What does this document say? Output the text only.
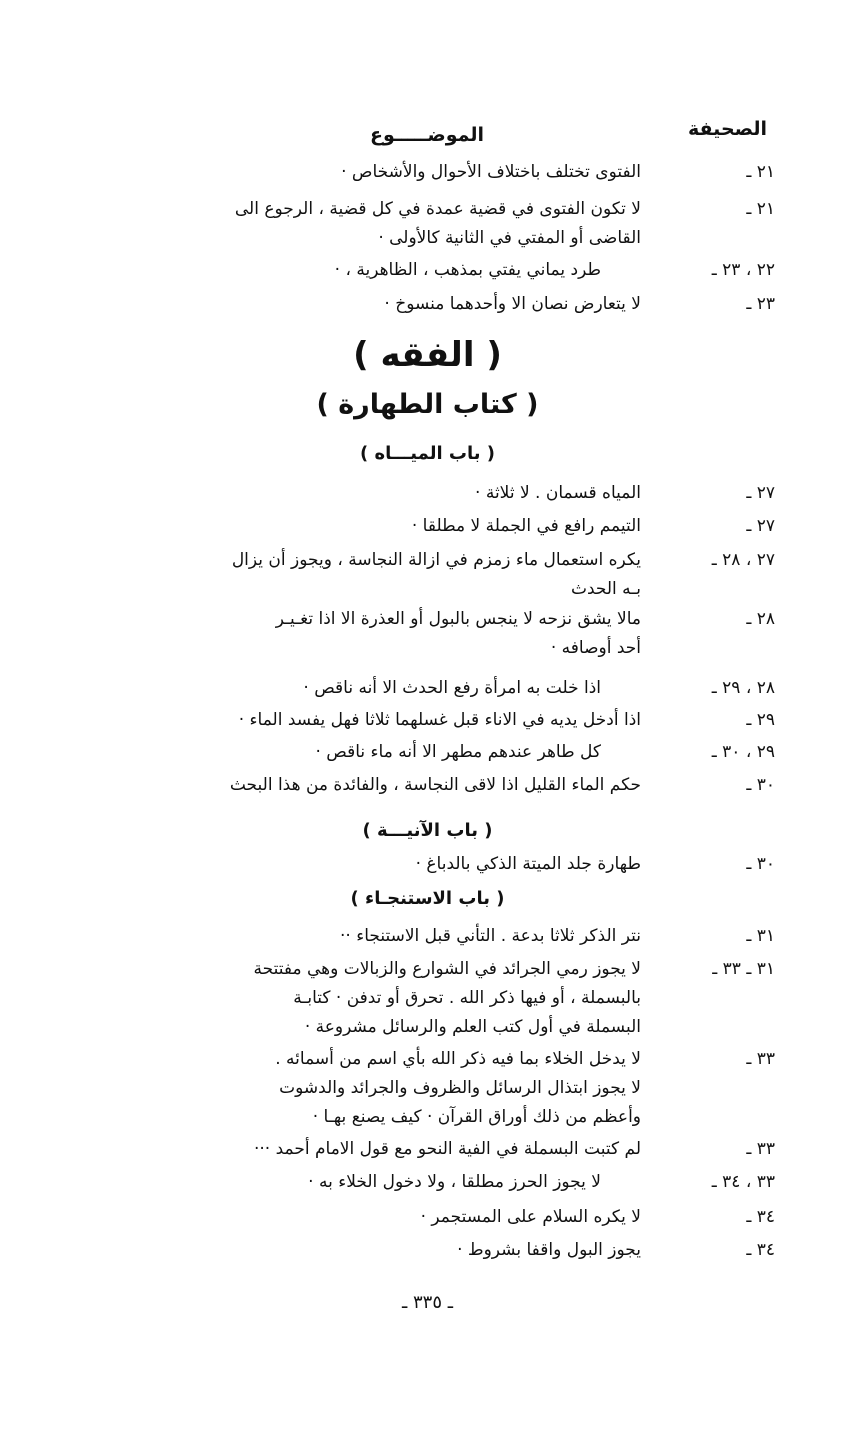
الصحيفة
الموضـــــوع
٢١ ـ
الفتوى تختلف باختلاف الأحوال والأشخاص ·
٢١ ـ
لا تكون الفتوى في قضية عمدة في كل قضية ، الرجوع الى
القاضى أو المفتي في الثانية كالأولى ·
٢٢ ، ٢٣ ـ
طرد يماني يفتي بمذهب ، الظاهرية ، ·
٢٣ ـ
لا يتعارض نصان الا وأحدهما منسوخ ·
( الفقه )
( كتاب الطهارة )
( باب الميـــاه )
٢٧ ـ
المياه قسمان . لا ثلاثة ·
٢٧ ـ
التيمم رافع في الجملة لا مطلقا ·
٢٧ ، ٢٨ ـ
يكره استعمال ماء زمزم في ازالة النجاسة ، ويجوز أن يزال
بـه الحدث
٢٨ ـ
مالا يشق نزحه لا ينجس بالبول أو العذرة الا اذا تغـيـر
أحد أوصافه ·
٢٨ ، ٢٩ ـ
اذا خلت به امرأة رفع الحدث الا أنه ناقص ·
٢٩ ـ
اذا أدخل يديه في الاناء قبل غسلهما ثلاثا فهل يفسد الماء ·
٢٩ ، ٣٠ ـ
كل طاهر عندهم مطهر الا أنه ماء ناقص ·
٣٠ ـ
حكم الماء القليل اذا لاقى النجاسة ، والفائدة من هذا البحث
( باب الآنيـــة )
٣٠ ـ
طهارة جلد الميتة الذكي بالدباغ ·
( باب الاستنجـاء )
٣١ ـ
نتر الذكر ثلاثا بدعة . التأني قبل الاستنجاء ··
٣١ ـ ٣٣ ـ
لا يجوز رمي الجرائد في الشوارع والزبالات وهي مفتتحة
بالبسملة ، أو فيها ذكر الله . تحرق أو تدفن · كتابـة
البسملة في أول كتب العلم والرسائل مشروعة ·
٣٣ ـ
لا يدخل الخلاء بما فيه ذكر الله بأي اسم من أسمائه .
لا يجوز ابتذال الرسائل والظروف والجرائد والدشوت
وأعظم من ذلك أوراق القرآن · كيف يصنع بهـا ·
٣٣ ـ
لم كتبت البسملة في الفية النحو مع قول الامام أحمد ···
٣٣ ، ٣٤ ـ
لا يجوز الحرز مطلقا ، ولا دخول الخلاء به ·
٣٤ ـ
لا يكره السلام على المستجمر ·
٣٤ ـ
يجوز البول واقفا بشروط ·
ـ ٣٣٥ ـ
